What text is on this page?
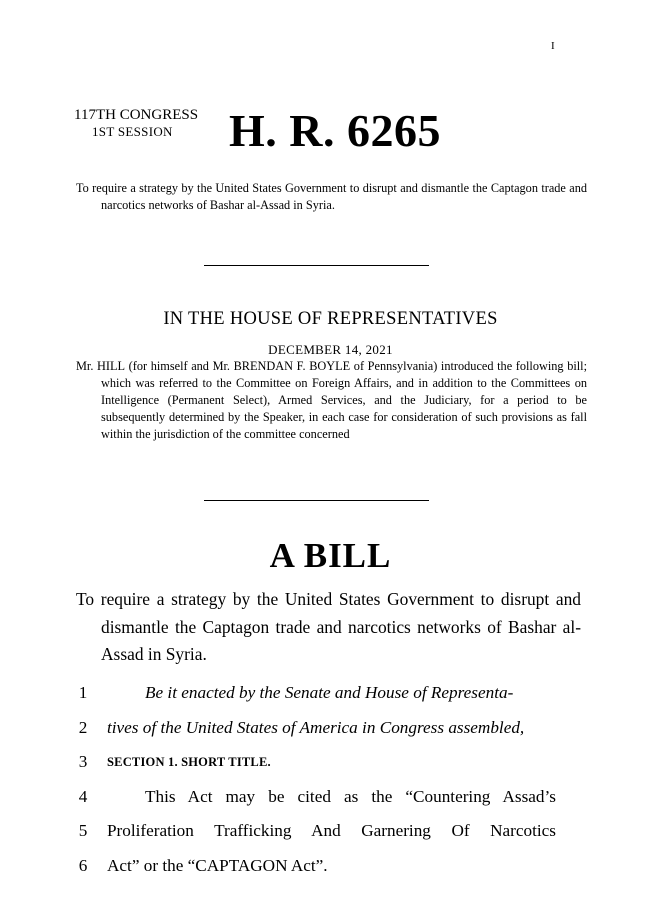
I
117TH CONGRESS
1ST SESSION H. R. 6265
To require a strategy by the United States Government to disrupt and dismantle the Captagon trade and narcotics networks of Bashar al-Assad in Syria.
IN THE HOUSE OF REPRESENTATIVES
DECEMBER 14, 2021
Mr. HILL (for himself and Mr. BRENDAN F. BOYLE of Pennsylvania) introduced the following bill; which was referred to the Committee on Foreign Affairs, and in addition to the Committees on Intelligence (Permanent Select), Armed Services, and the Judiciary, for a period to be subsequently determined by the Speaker, in each case for consideration of such provisions as fall within the jurisdiction of the committee concerned
A BILL
To require a strategy by the United States Government to disrupt and dismantle the Captagon trade and narcotics networks of Bashar al-Assad in Syria.
1	Be it enacted by the Senate and House of Representa-
2 tives of the United States of America in Congress assembled,
3 SECTION 1. SHORT TITLE.
4	This Act may be cited as the “Countering Assad’s
5 Proliferation Trafficking And Garnering Of Narcotics
6 Act” or the “CAPTAGON Act”.
